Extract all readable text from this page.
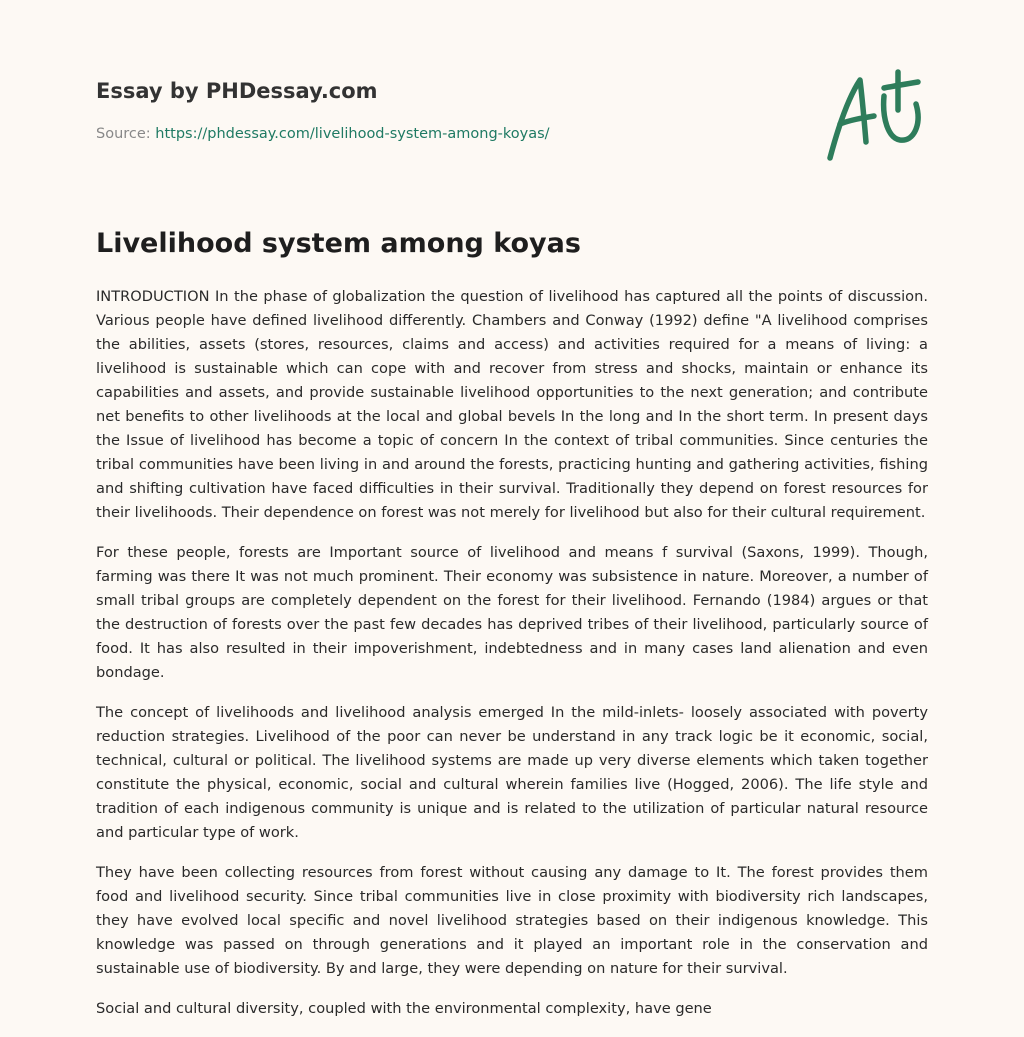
Essay by PHDessay.com
Source: https://phdessay.com/livelihood-system-among-koyas/
Livelihood system among koyas

INTRODUCTION In the phase of globalization the question of livelihood has captured all the points of discussion. Various people have defined livelihood differently. Chambers and Conway (1992) define "A livelihood comprises the abilities, assets (stores, resources, claims and access) and activities required for a means of living: a livelihood is sustainable which can cope with and recover from stress and shocks, maintain or enhance its capabilities and assets, and provide sustainable livelihood opportunities to the next generation; and contribute net benefits to other livelihoods at the local and global bevels In the long and In the short term. In present days the Issue of livelihood has become a topic of concern In the context of tribal communities. Since centuries the tribal communities have been living in and around the forests, practicing hunting and gathering activities, fishing and shifting cultivation have faced difficulties in their survival. Traditionally they depend on forest resources for their livelihoods. Their dependence on forest was not merely for livelihood but also for their cultural requirement.

For these people, forests are Important source of livelihood and means f survival (Saxons, 1999). Though, farming was there It was not much prominent. Their economy was subsistence in nature. Moreover, a number of small tribal groups are completely dependent on the forest for their livelihood. Fernando (1984) argues or that the destruction of forests over the past few decades has deprived tribes of their livelihood, particularly source of food. It has also resulted in their impoverishment, indebtedness and in many cases land alienation and even bondage.

The concept of livelihoods and livelihood analysis emerged In the mild-inlets- loosely associated with poverty reduction strategies. Livelihood of the poor can never be understand in any track logic be it economic, social, technical, cultural or political. The livelihood systems are made up very diverse elements which taken together constitute the physical, economic, social and cultural wherein families live (Hogged, 2006). The life style and tradition of each indigenous community is unique and is related to the utilization of particular natural resource and particular type of work.

They have been collecting resources from forest without causing any damage to It. The forest provides them food and livelihood security. Since tribal communities live in close proximity with biodiversity rich landscapes, they have evolved local specific and novel livelihood strategies based on their indigenous knowledge. This knowledge was passed on through generations and it played an important role in the conservation and sustainable use of biodiversity. By and large, they were depending on nature for their survival.

Social and cultural diversity, coupled with the environmental complexity, have gene
